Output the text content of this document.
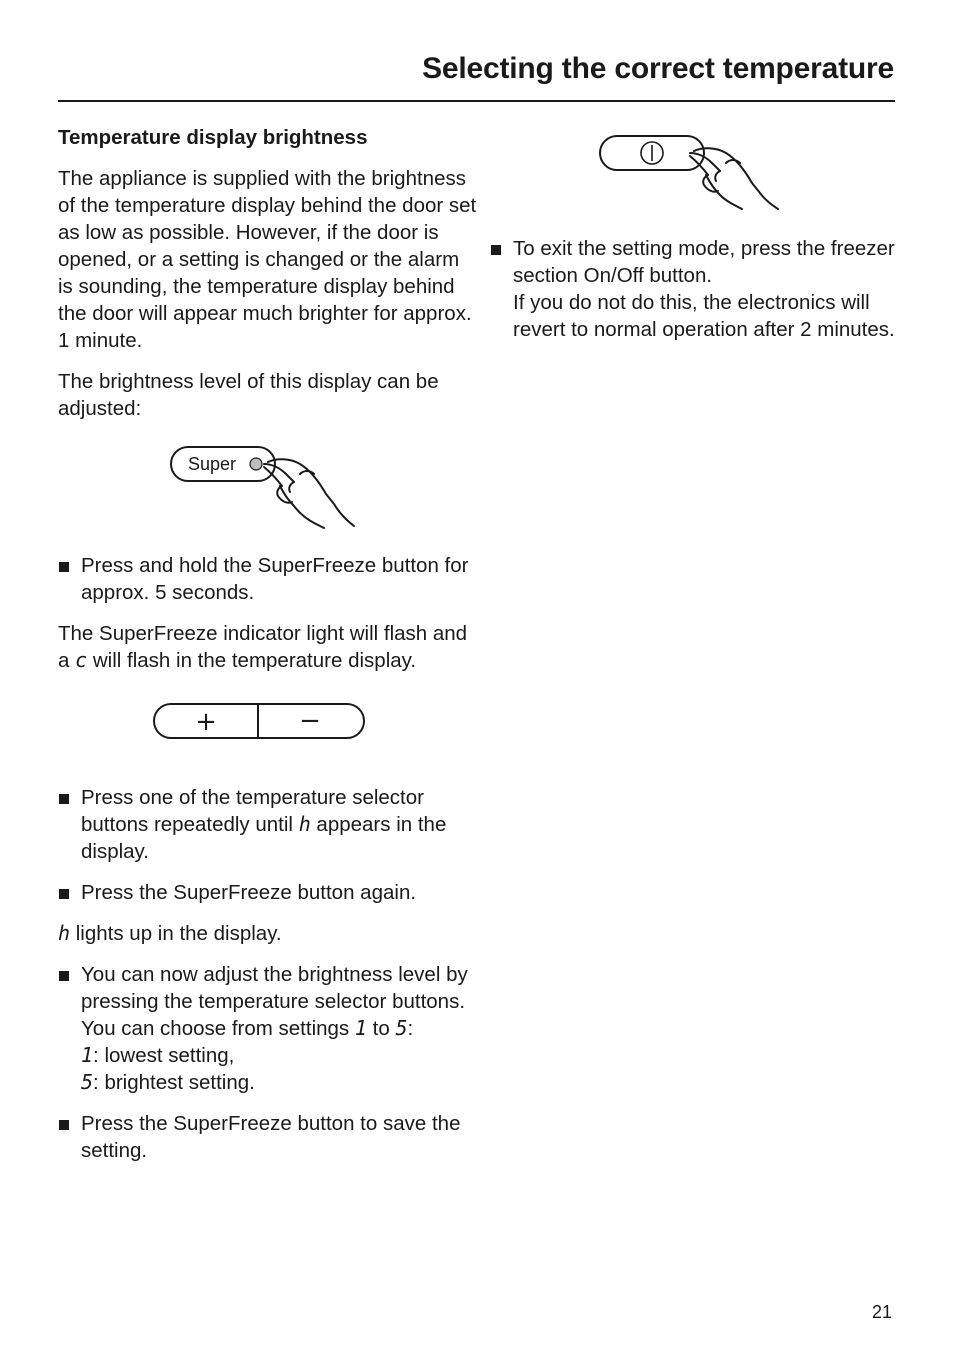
Selecting the correct temperature
Temperature display brightness

The appliance is supplied with the brightness of the temperature display behind the door set as low as possible. However, if the door is opened, or a setting is changed or the alarm is sounding, the temperature display behind the door will appear much brighter for approx. 1 minute.

The brightness level of this display can be adjusted:

Super
Press and hold the SuperFreeze button for approx. 5 seconds.

The SuperFreeze indicator light will flash and a c will flash in the temperature display.

+	−
Press one of the temperature selector buttons repeatedly until h appears in the display.
Press the SuperFreeze button again.

h lights up in the display.

You can now adjust the brightness level by pressing the temperature selector buttons. You can choose from settings 1 to 5:
1: lowest setting,
5: brightest setting.
Press the SuperFreeze button to save the setting.
To exit the setting mode, press the freezer section On/Off button.
If you do not do this, the electronics will revert to normal operation after 2 minutes.
21
